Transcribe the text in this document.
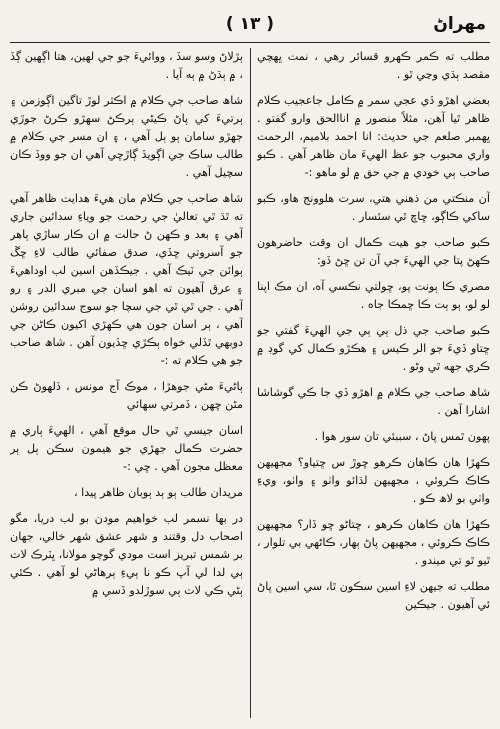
مهراڻ
( ١٣ )

مطلب ته ڪمر ڪھرو قسائر رھي ، نمت ڀھچي مقصد ٻڌي وڃي ٿو .

بعضي اهڙو ڏي عجي سمر ۾ ڪامل جاعجيب ڪلام ظاھر ٿيا آھن، مثلاً منصور ۾ اناالحق وارو گفتو . ڀهمبر صلعم جي حديث: انا احمد بلاميم، الرحمت واري محبوب جو عظ الهيءَ مان ظاهر آهي . ڪبو صاحب ٻي خودي ۾ جي حق ۾ لو ماھو :-

آن منڪتي من ذھني ھتي، سرت ھلوونج ھاو، ڪبو ساکي ڪاڳو، ڇاڇ ٿي سئسار .

ڪبو صاحب جو هيت ڪمال ان وقت حاضرهون ڪهڻ پتا جي الهيءَ جي آن تن ڇڻ ڏو:

مصري ڪا ٻونت پو، ڇولتي نڪسي آه، ان مڪ اپنا لو لو، ٻو ٻت ڪا ڇمڪا جاه .

ڪبو صاحب جي ذل ٻي ٻي جي الهيءَ گفتي جو ڇتاو ڏيءَ جو الر ڪيس ۽ هڪڙو ڪمال کي گوڊ ۾ ڪري جهه ٿي وڻو .

شاھ صاحب جي ڪلام ۾ اهڙو ڏي جا ڪي گوشاشا اشارا آھن .

پهون ٿمس پاڻ ، سببئي تان سور هوا .

ڪهڙا هان ڪاهان ڪرهو ڇوڙ س ڇتياو؟ مجھيھن ڪاڪ ڪروئي ، مجھيھن لڌائو واٺو ۽ واٺو، ويءِ واٺي بو لاھ ڪو .

ڪهڙا هان ڪاهان ڪرهو ، ڇتاڻو ڇو ڏار؟ مجھيھن ڪاڪ ڪروئي ، مجھيھن پاڻ ٻھار، ڪاڻهي بي تلوار ، ٿيو ٿو تي ميندو .

مطلب ته جيهن لاءِ اسين سڪون ٿا، سي اسين پاڻ ئي آھيون . جيڪين

ٻڙلاڻ وسو سڏ ، ووائيءَ جو جي لهين، هتا اڳهين ڳڏ ، ۾ ٻڌڻ ۾ ٻه آيا .

شاھ صاحب جي ڪلام ۾ اڪثر لوڙ تاگين اڳوزمن ۽ ٻرتيءَ کي پاڻ ڪيڻي ٻرڪڻ سھڙو ڪرڻ جوڙي جهڙو سامان ٻو ٻل آهي ، ۽ ان مسر جي ڪلام ۾ طالب ساڪ جي اڳويڏ ڳاڙڇي آھي ان جو ووڏ ڪان سچيل آھي .

شاھ صاحب جي ڪلام مان هيءَ هدايت ظاھر آھي ته ٿڌ ٿي تعاليٰ جي رحمت جو وياءِ سدائين جاري آھي ۽ بعد و ڪهن ڻ حالت ۾ ان ڪار ساڙي ٻاھر جو آسروتي ڇڏي، صدق صفائي طالب لاءِ ڇڱ ٻوائن جي ٽيڪ آھي . جيڪڏهن اسين لب اوداھيءَ ۽ عرق آھيون ته اهو اسان جي مبري الدر ۽ رو آھي . جي ٿي ٿي جي سچا جو سوج سدائين روشن آهي ، ٻر اسان جون ھي ڪهڙي اکيون ڪاڻن جي دوبهي ٿڏلي خواه ٻڪڙي ڇڏيون آھن . شاھ صاحب جو هي ڪلام ته :-

ٻاڻيءَ مڻي جوهڙا ، موڪ آج مونس ، ڏلهوڻ ڪن مڻن ڇهن ، ڏمرتي سهائي

اسان جيسي ٿي حال موقع آهي ، الهيءَ ٻاري ۾ حضرت ڪمال جهڙي جو هيمون سڪن ٻل ٻر معظل مجون آهي . ڇي :-

مريدان طالب ٻو ٻد ٻوبان ظاهر پيدا ،

در بھا نسمر لب خواهيم مودن بو لب دريا، مگو اصحاب دل وقتند و شهر عشق شهر خالي، جهان بر شمس تبريز است مودي گوچو مولانا، ڀٽرڪ لات ٻي لدا لي آپ ڪو نا ٻيءِ ٻرهاڻي لو آهي . ڪئي ٻڻي ڪي لات ٻي سوڙلدو ڏسي ۾
